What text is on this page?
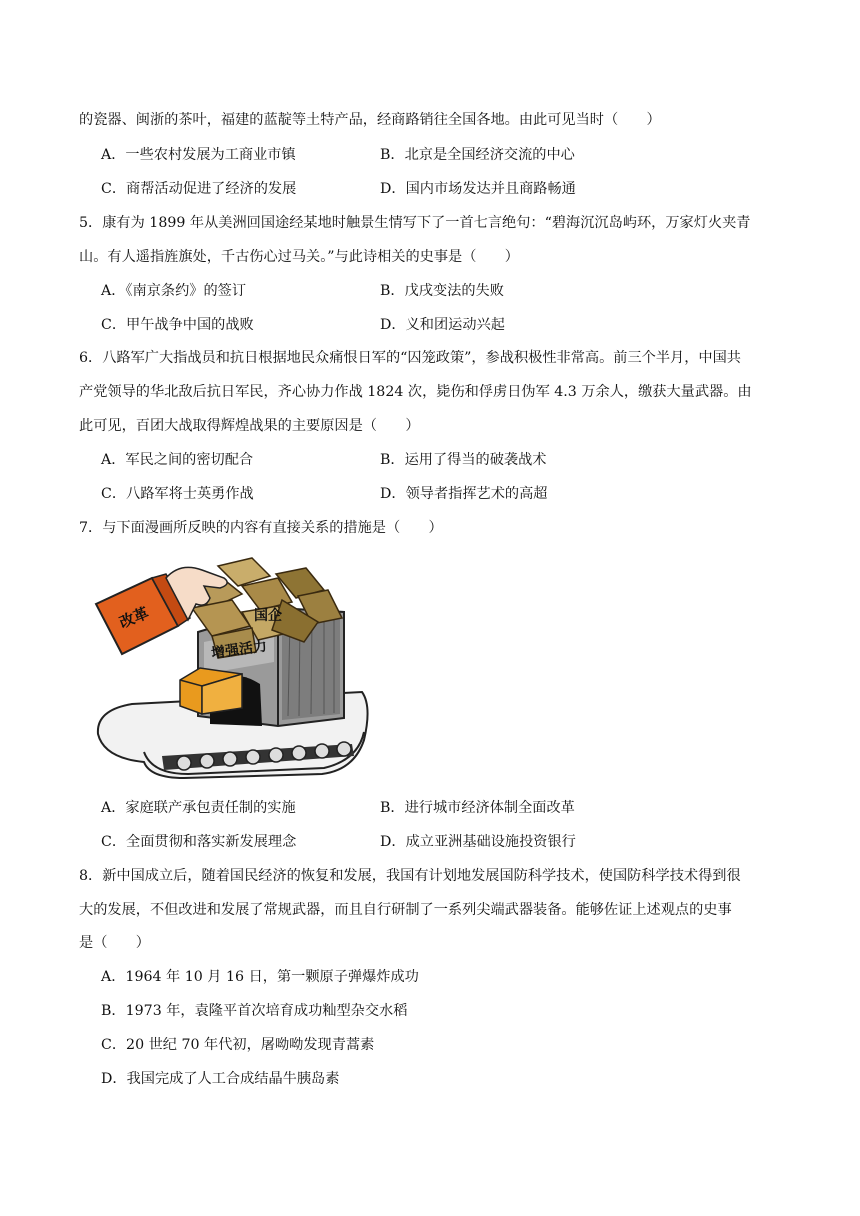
的瓷器、闽浙的茶叶，福建的蓝靛等土特产品，经商路销往全国各地。由此可见当时（　　）
A．一些农村发展为工商业市镇	B．北京是全国经济交流的中心
C．商帮活动促进了经济的发展	D．国内市场发达并且商路畅通
5．康有为 1899 年从美洲回国途经某地时触景生情写下了一首七言绝句：“碧海沉沉岛屿环，万家灯火夹青
山。有人遥指旌旗处，千古伤心过马关。”与此诗相关的史事是（　　）
A．《南京条约》的签订	B．戊戌变法的失败
C．甲午战争中国的战败	D．义和团运动兴起
6．八路军广大指战员和抗日根据地民众痛恨日军的“囚笼政策”，参战积极性非常高。前三个半月，中国共
产党领导的华北敌后抗日军民，齐心协力作战 1824 次，毙伤和俘虏日伪军 4.3 万余人，缴获大量武器。由
此可见，百团大战取得辉煌战果的主要原因是（　　）
A．军民之间的密切配合	B．运用了得当的破袭战术
C．八路军将士英勇作战	D．领导者指挥艺术的高超
7．与下面漫画所反映的内容有直接关系的措施是（　　）
改革	国企
增强活力
A．家庭联产承包责任制的实施	B．进行城市经济体制全面改革
C．全面贯彻和落实新发展理念	D．成立亚洲基础设施投资银行
8．新中国成立后，随着国民经济的恢复和发展，我国有计划地发展国防科学技术，使国防科学技术得到很
大的发展，不但改进和发展了常规武器，而且自行研制了一系列尖端武器装备。能够佐证上述观点的史事
是（　　）
A．1964 年 10 月 16 日，第一颗原子弹爆炸成功
B．1973 年，袁隆平首次培育成功籼型杂交水稻
C．20 世纪 70 年代初，屠呦呦发现青蒿素
D．我国完成了人工合成结晶牛胰岛素
